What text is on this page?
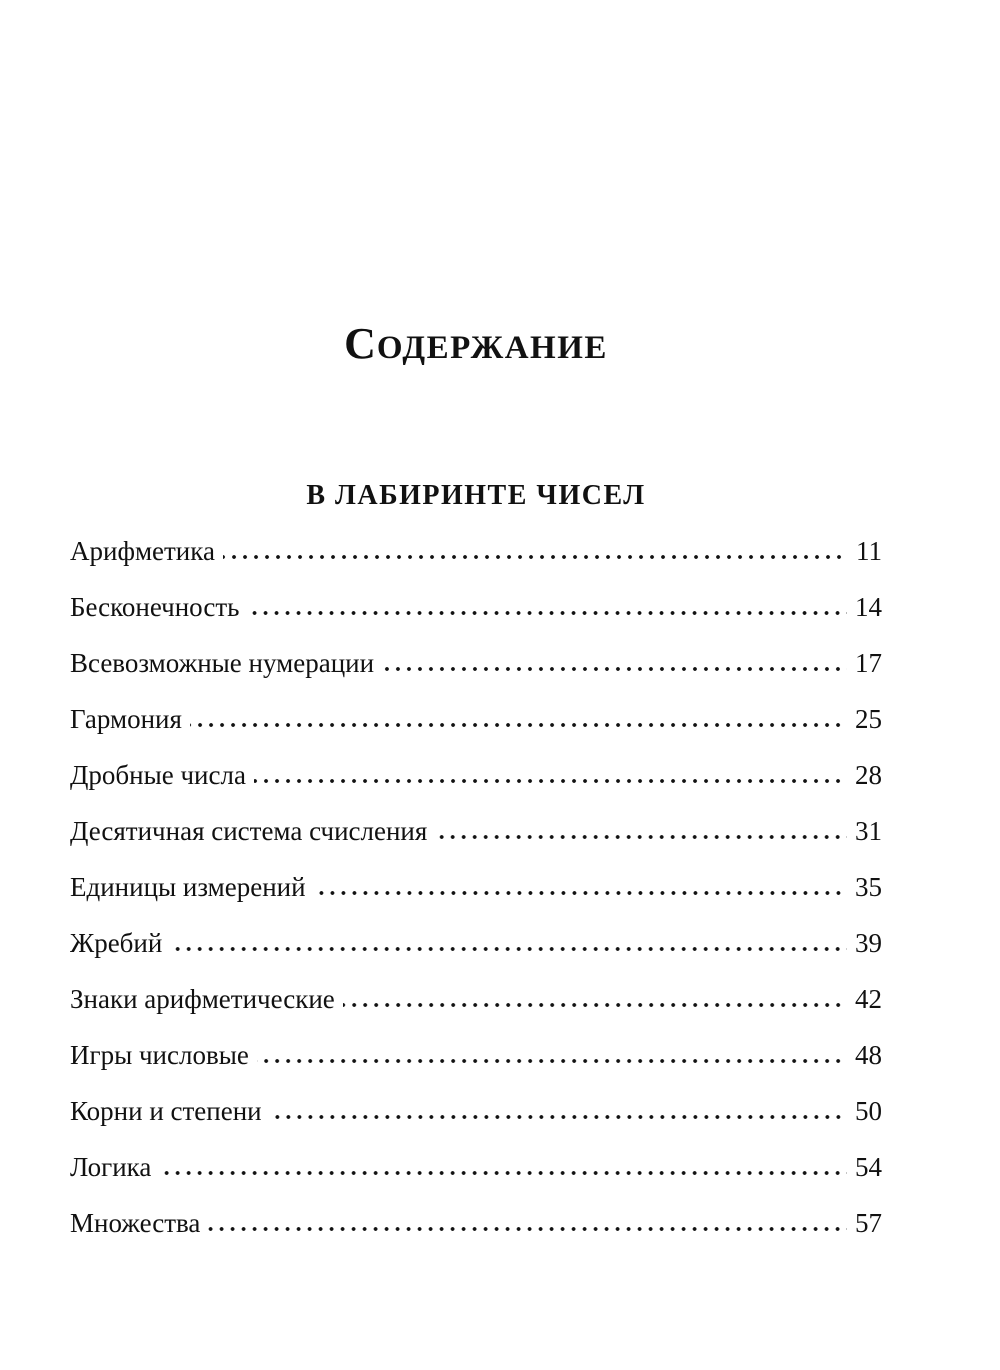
СОДЕРЖАНИЕ
В ЛАБИРИНТЕ ЧИСЕЛ
Арифметика	11
Бесконечность	14
Всевозможные нумерации	17
Гармония	25
Дробные числа	28
Десятичная система счисления	31
Единицы измерений	35
Жребий	39
Знаки арифметические	42
Игры числовые	48
Корни и степени	50
Логика	54
Множества	57
